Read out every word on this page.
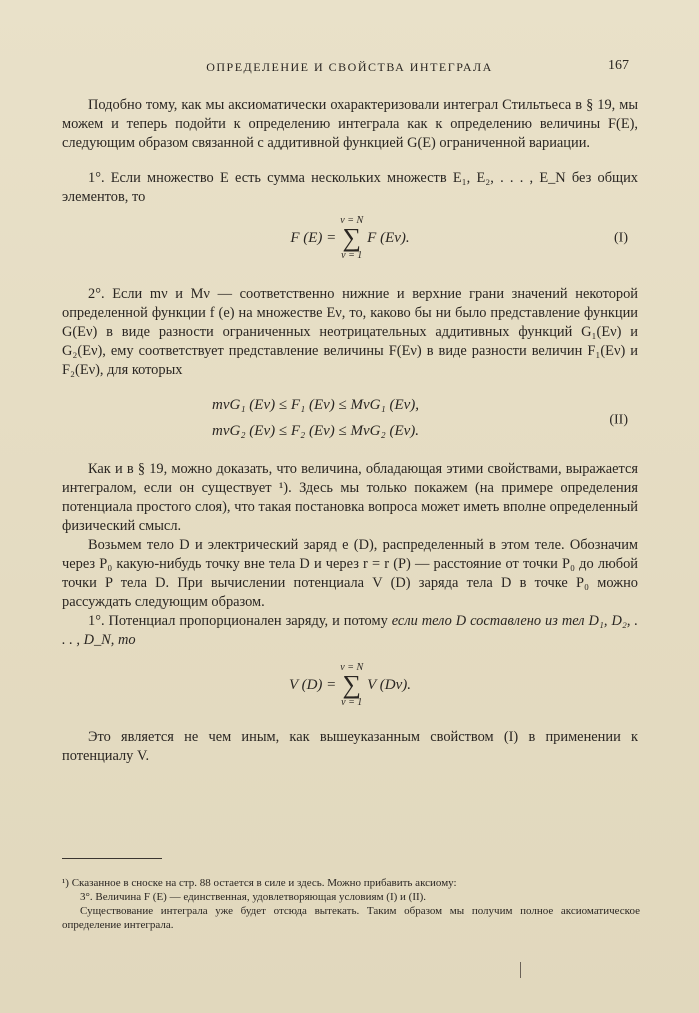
ОПРЕДЕЛЕНИЕ И СВОЙСТВА ИНТЕГРАЛА	167

Подобно тому, как мы аксиоматически охарактеризовали интеграл Стильтьеса в § 19, мы можем и теперь подойти к определению интеграла как к определению величины F(E), следующим образом связанной с аддитивной функцией G(E) ограниченной вариации.

1°. Если множество E есть сумма нескольких множеств E₁, E₂, . . . , E_N без общих элементов, то

F (E) =
ν = N
∑
ν = 1
F (Eν).	(I)

2°. Если mν и Mν — соответственно нижние и верхние грани значений некоторой определенной функции f (e) на множестве Eν, то, каково бы ни было представление функции G(Eν) в виде разности ограниченных неотрицательных аддитивных функций G₁(Eν) и G₂(Eν), ему соответствует представление величины F(Eν) в виде разности величин F₁(Eν) и F₂(Eν), для которых

mνG₁ (Eν) ≤ F₁ (Eν) ≤ MνG₁ (Eν),
mνG₂ (Eν) ≤ F₂ (Eν) ≤ MνG₂ (Eν).
(II)

Как и в § 19, можно доказать, что величина, обладающая этими свойствами, выражается интегралом, если он существует ¹). Здесь мы только покажем (на примере определения потенциала простого слоя), что такая постановка вопроса может иметь вполне определенный физический смысл.

Возьмем тело D и электрический заряд e (D), распределенный в этом теле. Обозначим через P₀ какую-нибудь точку вне тела D и через r = r (P) — расстояние от точки P₀ до любой точки P тела D. При вычислении потенциала V (D) заряда тела D в точке P₀ можно рассуждать следующим образом.

1°. Потенциал пропорционален заряду, и потому если тело D составлено из тел D₁, D₂, . . . , D_N, то

V (D) =
ν = N
∑
ν = 1
V (Dν).

Это является не чем иным, как вышеуказанным свойством (I) в применении к потенциалу V.

¹) Сказанное в сноске на стр. 88 остается в силе и здесь. Можно прибавить аксиому:

3°. Величина F (E) — единственная, удовлетворяющая условиям (I) и (II).

Существование интеграла уже будет отсюда вытекать. Таким образом мы получим полное аксиоматическое определение интеграла.
